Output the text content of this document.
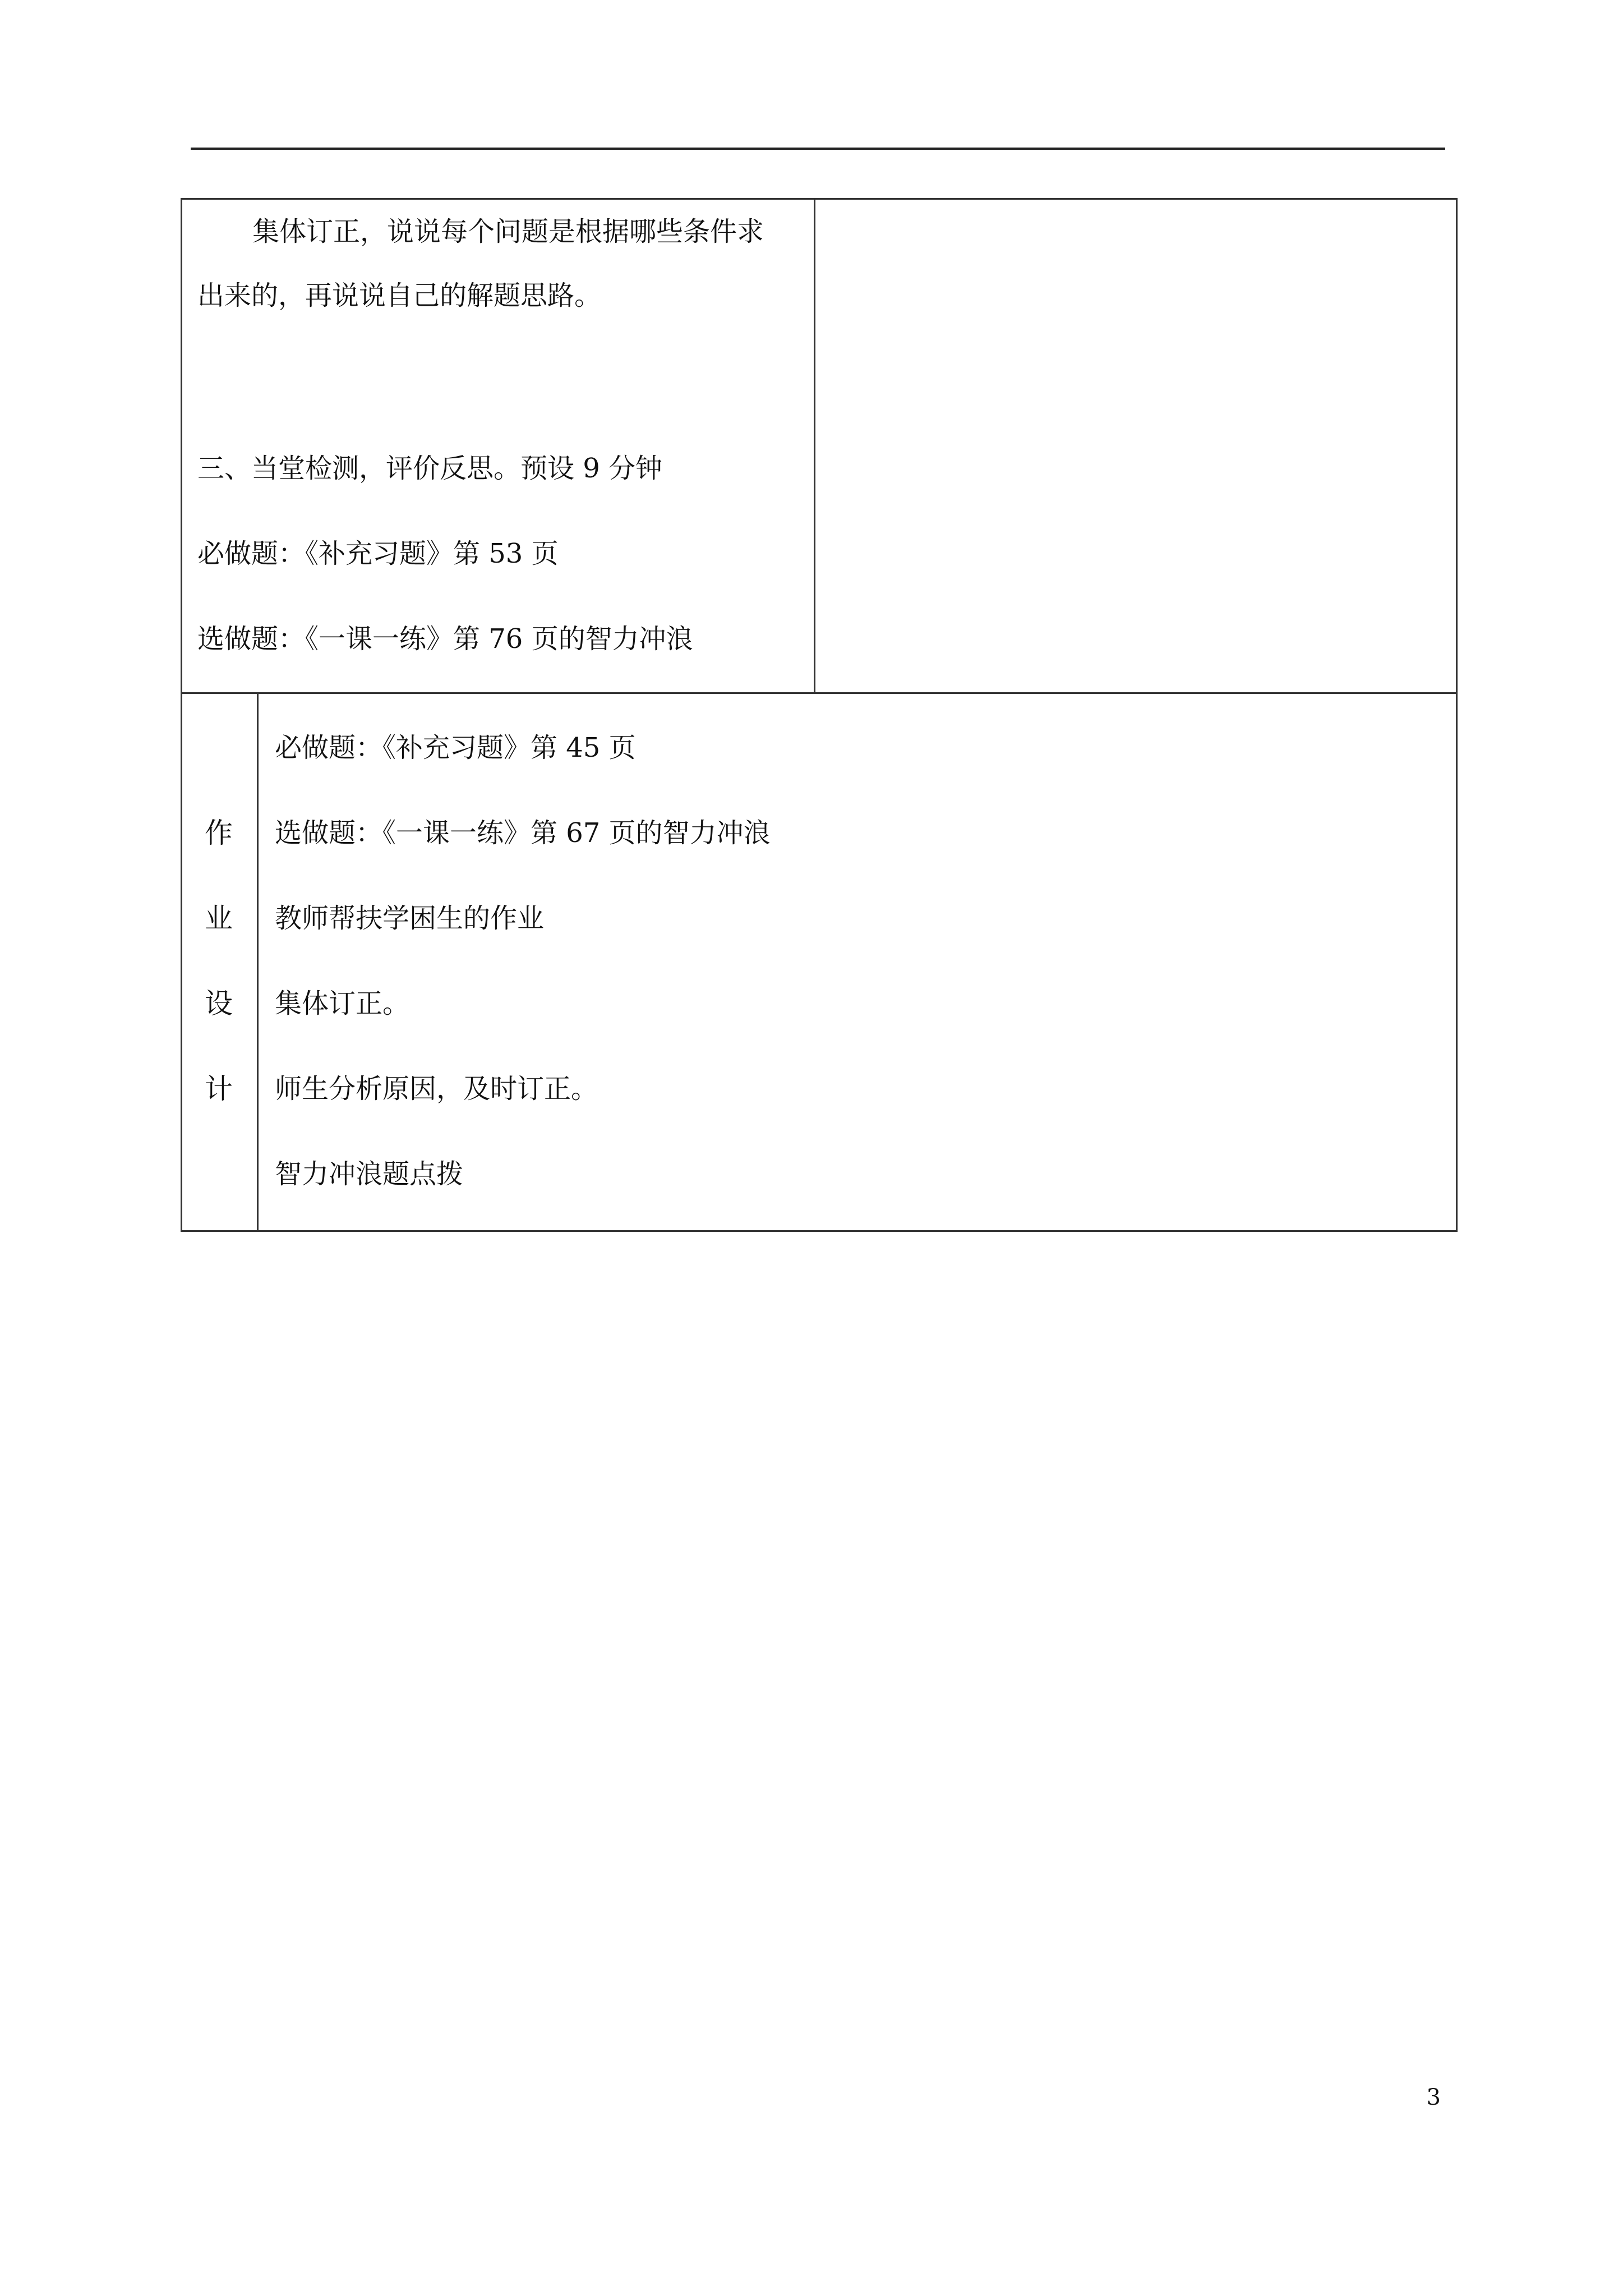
集体订正，说说每个问题是根据哪些条件求
出来的，再说说自己的解题思路。
三、当堂检测，评价反思。预设 9 分钟
必做题：《补充习题》第 53 页
选做题：《一课一练》第 76 页的智力冲浪
作
业
设
计
必做题：《补充习题》第 45 页
选做题：《一课一练》第 67 页的智力冲浪
教师帮扶学困生的作业
集体订正。
师生分析原因，及时订正。
智力冲浪题点拨
3
